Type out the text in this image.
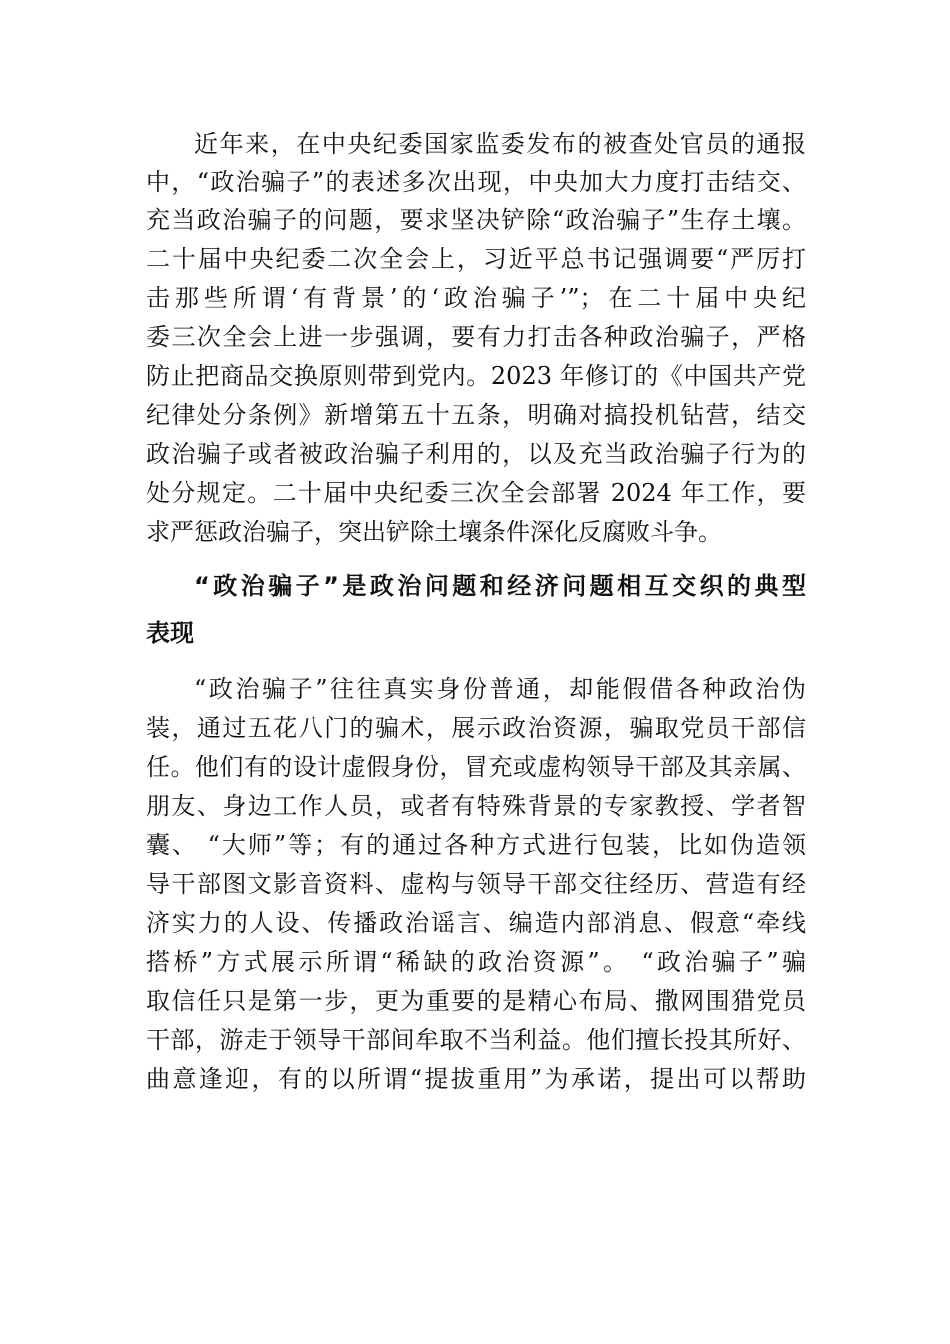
近年来，在中央纪委国家监委发布的被查处官员的通报
中，“政治骗子”的表述多次出现，中央加大力度打击结交、
充当政治骗子的问题，要求坚决铲除“政治骗子”生存土壤。
二十届中央纪委二次全会上，习近平总书记强调要“严厉打
击那些所谓‘有背景’的‘政治骗子’”；在二十届中央纪
委三次全会上进一步强调，要有力打击各种政治骗子，严格
防止把商品交换原则带到党内。2023 年修订的《中国共产党
纪律处分条例》新增第五十五条，明确对搞投机钻营，结交
政治骗子或者被政治骗子利用的，以及充当政治骗子行为的
处分规定。二十届中央纪委三次全会部署 2024 年工作，要
求严惩政治骗子，突出铲除土壤条件深化反腐败斗争。
“政治骗子”是政治问题和经济问题相互交织的典型
表现
“政治骗子”往往真实身份普通，却能假借各种政治伪
装，通过五花八门的骗术，展示政治资源，骗取党员干部信
任。他们有的设计虚假身份，冒充或虚构领导干部及其亲属、
朋友、身边工作人员，或者有特殊背景的专家教授、学者智
囊、 “大师”等；有的通过各种方式进行包装，比如伪造领
导干部图文影音资料、虚构与领导干部交往经历、营造有经
济实力的人设、传播政治谣言、编造内部消息、假意“牵线
搭桥”方式展示所谓“稀缺的政治资源”。 “政治骗子”骗
取信任只是第一步，更为重要的是精心布局、撒网围猎党员
干部，游走于领导干部间牟取不当利益。他们擅长投其所好、
曲意逢迎，有的以所谓“提拔重用”为承诺，提出可以帮助
